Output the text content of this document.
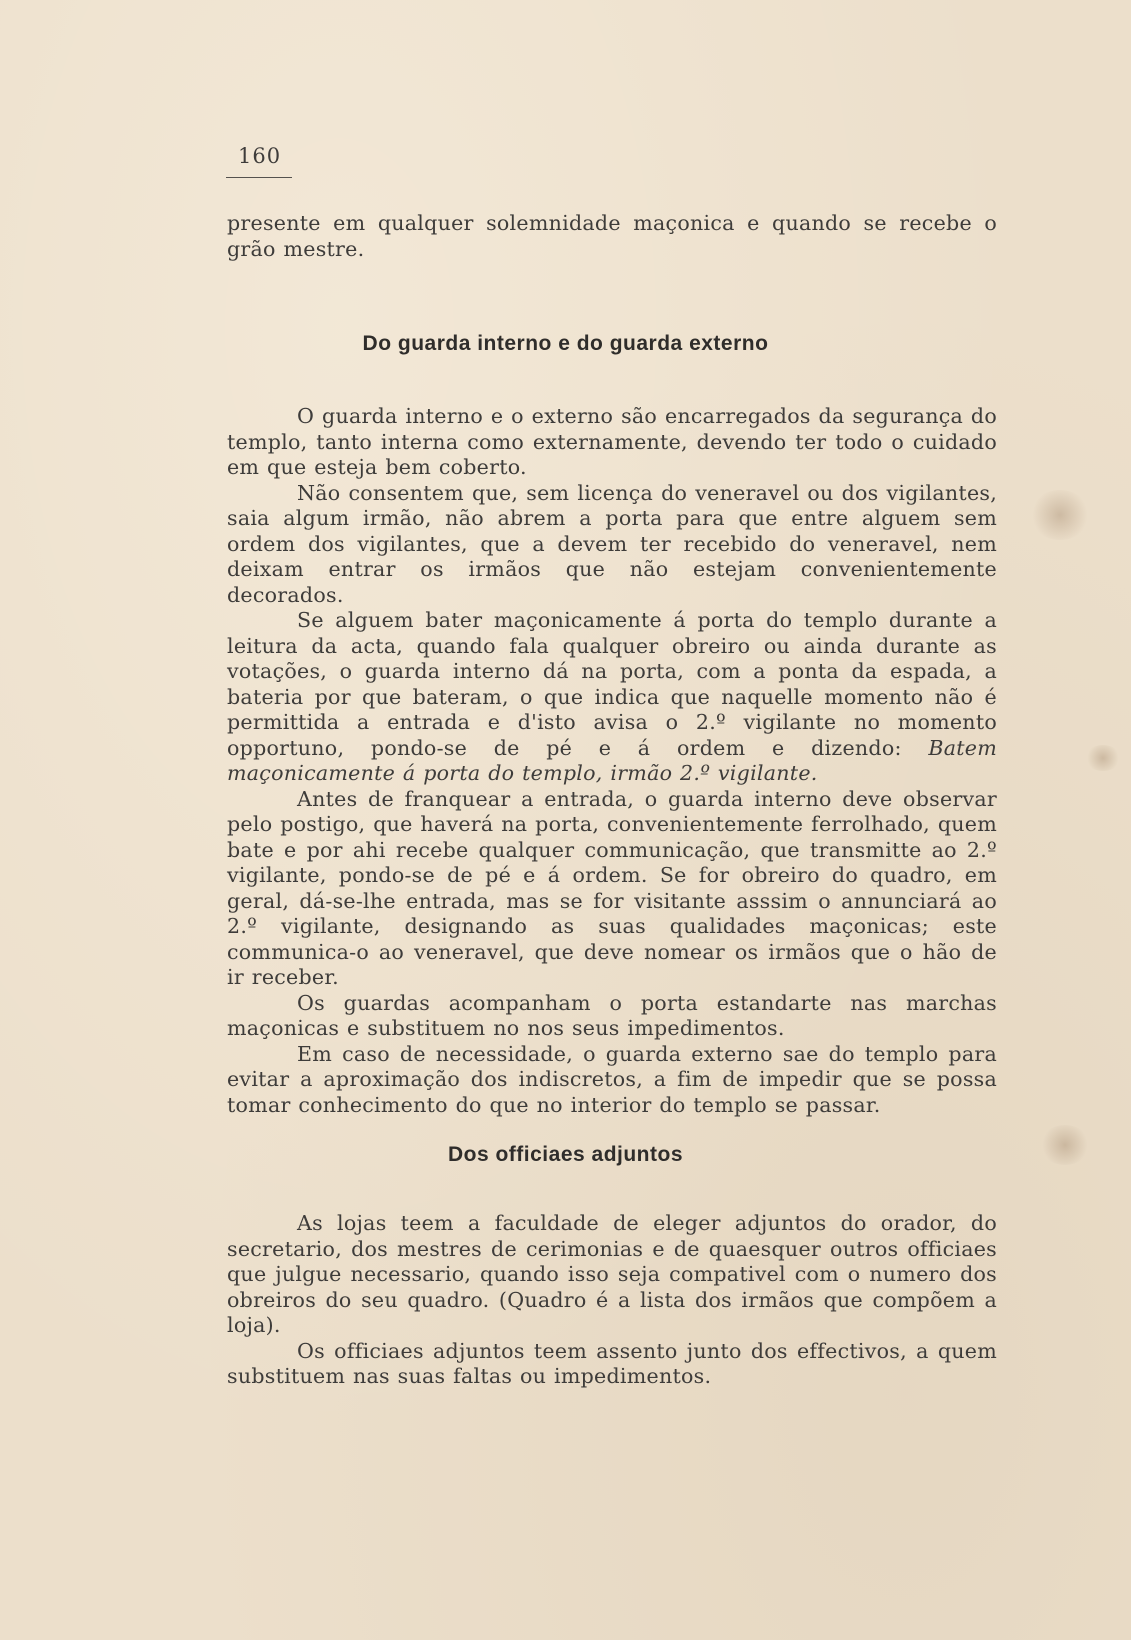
160

presente em qualquer solemnidade maçonica e quando se recebe o grão mestre.

Do guarda interno e do guarda externo

O guarda interno e o externo são encarregados da segurança do templo, tanto interna como externamente, devendo ter todo o cuidado em que esteja bem coberto.

Não consentem que, sem licença do veneravel ou dos vigilantes, saia algum irmão, não abrem a porta para que entre alguem sem ordem dos vigilantes, que a devem ter recebido do veneravel, nem deixam entrar os irmãos que não estejam convenientemente decorados.

Se alguem bater maçonicamente á porta do templo durante a leitura da acta, quando fala qualquer obreiro ou ainda durante as votações, o guarda interno dá na porta, com a ponta da espada, a bateria por que bateram, o que indica que naquelle momento não é permittida a entrada e d'isto avisa o 2.º vigilante no momento opportuno, pondo-se de pé e á ordem e dizendo: Batem maçonicamente á porta do templo, irmão 2.º vigilante.

Antes de franquear a entrada, o guarda interno deve observar pelo postigo, que haverá na porta, convenientemente ferrolhado, quem bate e por ahi recebe qualquer communicação, que transmitte ao 2.º vigilante, pondo-se de pé e á ordem. Se for obreiro do quadro, em geral, dá-se-lhe entrada, mas se for visitante asssim o annunciará ao 2.º vigilante, designando as suas qualidades maçonicas; este communica-o ao veneravel, que deve nomear os irmãos que o hão de ir receber.

Os guardas acompanham o porta estandarte nas marchas maçonicas e substituem no nos seus impedimentos.

Em caso de necessidade, o guarda externo sae do templo para evitar a aproximação dos indiscretos, a fim de impedir que se possa tomar conhecimento do que no interior do templo se passar.

Dos officiaes adjuntos

As lojas teem a faculdade de eleger adjuntos do orador, do secretario, dos mestres de cerimonias e de quaesquer outros officiaes que julgue necessario, quando isso seja compativel com o numero dos obreiros do seu quadro. (Quadro é a lista dos irmãos que compõem a loja).

Os officiaes adjuntos teem assento junto dos effectivos, a quem substituem nas suas faltas ou impedimentos.
